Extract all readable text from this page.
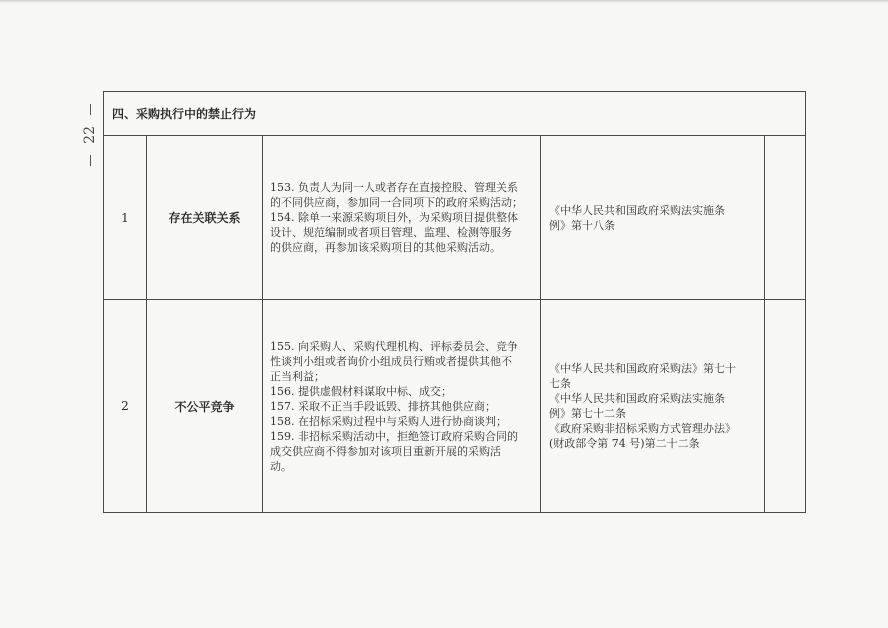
22
四、采购执行中的禁止行为
1	存在关联关系
153. 负责人为同一人或者存在直接控股、管理关系
的不同供应商，参加同一合同项下的政府采购活动；
154. 除单一来源采购项目外，为采购项目提供整体
设计、规范编制或者项目管理、监理、检测等服务
的供应商，再参加该采购项目的其他采购活动。
《中华人民共和国政府采购法实施条
例》第十八条
2	不公平竞争
155. 向采购人、采购代理机构、评标委员会、竞争
性谈判小组或者询价小组成员行贿或者提供其他不
正当利益；
156. 提供虚假材料谋取中标、成交；
157. 采取不正当手段诋毁、排挤其他供应商；
158. 在招标采购过程中与采购人进行协商谈判；
159. 非招标采购活动中，拒绝签订政府采购合同的
成交供应商不得参加对该项目重新开展的采购活
动。
《中华人民共和国政府采购法》第七十
七条
《中华人民共和国政府采购法实施条
例》第七十二条
《政府采购非招标采购方式管理办法》
(财政部令第 74 号)第二十二条
